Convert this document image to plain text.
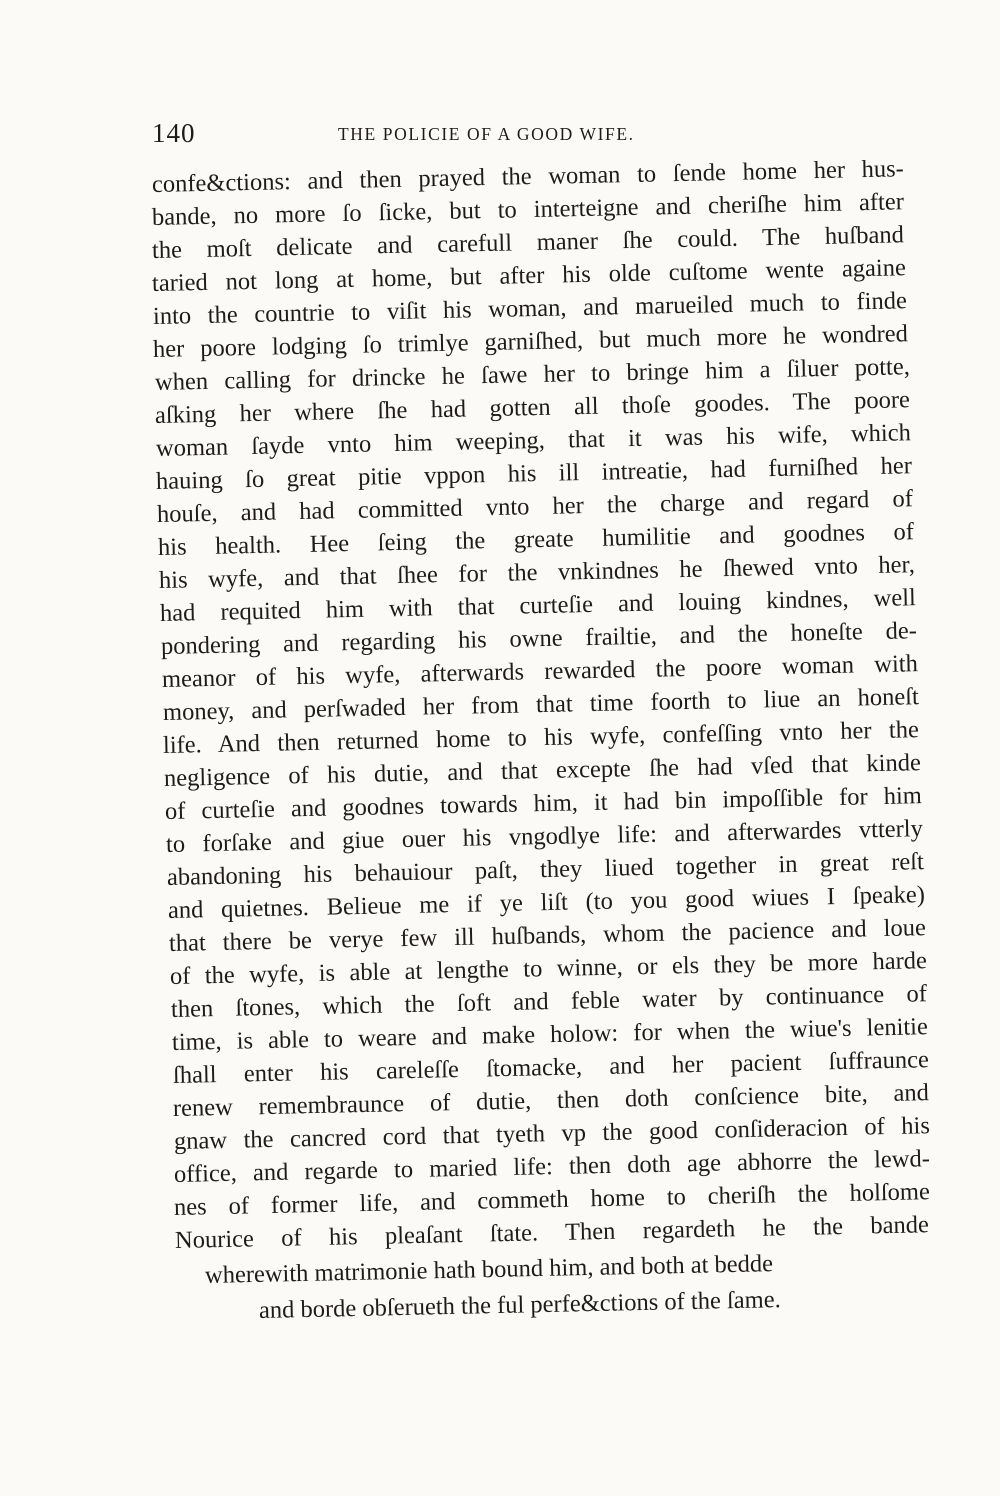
140	THE POLICIE OF A GOOD WIFE.
confe&ctions: and then prayed the woman to ſende home her hus-
bande, no more ſo ſicke, but to interteigne and cheriſhe him after
the moſt delicate and carefull maner ſhe could. The huſband
taried not long at home, but after his olde cuſtome wente againe
into the countrie to viſit his woman, and marueiled much to finde
her poore lodging ſo trimlye garniſhed, but much more he wondred
when calling for drincke he ſawe her to bringe him a ſiluer potte,
aſking her where ſhe had gotten all thoſe goodes. The poore
woman ſayde vnto him weeping, that it was his wife, which
hauing ſo great pitie vppon his ill intreatie, had furniſhed her
houſe, and had committed vnto her the charge and regard of
his health. Hee ſeing the greate humilitie and goodnes of
his wyfe, and that ſhee for the vnkindnes he ſhewed vnto her,
had requited him with that curteſie and louing kindnes, well
pondering and regarding his owne frailtie, and the honeſte de-
meanor of his wyfe, afterwards rewarded the poore woman with
money, and perſwaded her from that time foorth to liue an honeſt
life. And then returned home to his wyfe, confeſſing vnto her the
negligence of his dutie, and that excepte ſhe had vſed that kinde
of curteſie and goodnes towards him, it had bin impoſſible for him
to forſake and giue ouer his vngodlye life: and afterwardes vtterly
abandoning his behauiour paſt, they liued together in great reſt
and quietnes. Belieue me if ye liſt (to you good wiues I ſpeake)
that there be verye few ill huſbands, whom the pacience and loue
of the wyfe, is able at lengthe to winne, or els they be more harde
then ſtones, which the ſoft and feble water by continuance of
time, is able to weare and make holow: for when the wiue's lenitie
ſhall enter his careleſſe ſtomacke, and her pacient ſuffraunce
renew remembraunce of dutie, then doth conſcience bite, and
gnaw the cancred cord that tyeth vp the good conſideracion of his
office, and regarde to maried life: then doth age abhorre the lewd-
nes of former life, and commeth home to cheriſh the holſome
Nourice of his pleaſant ſtate. Then regardeth he the bande
wherewith matrimonie hath bound him, and both at bedde
and borde obſerueth the ful perfe&ctions of the ſame.
